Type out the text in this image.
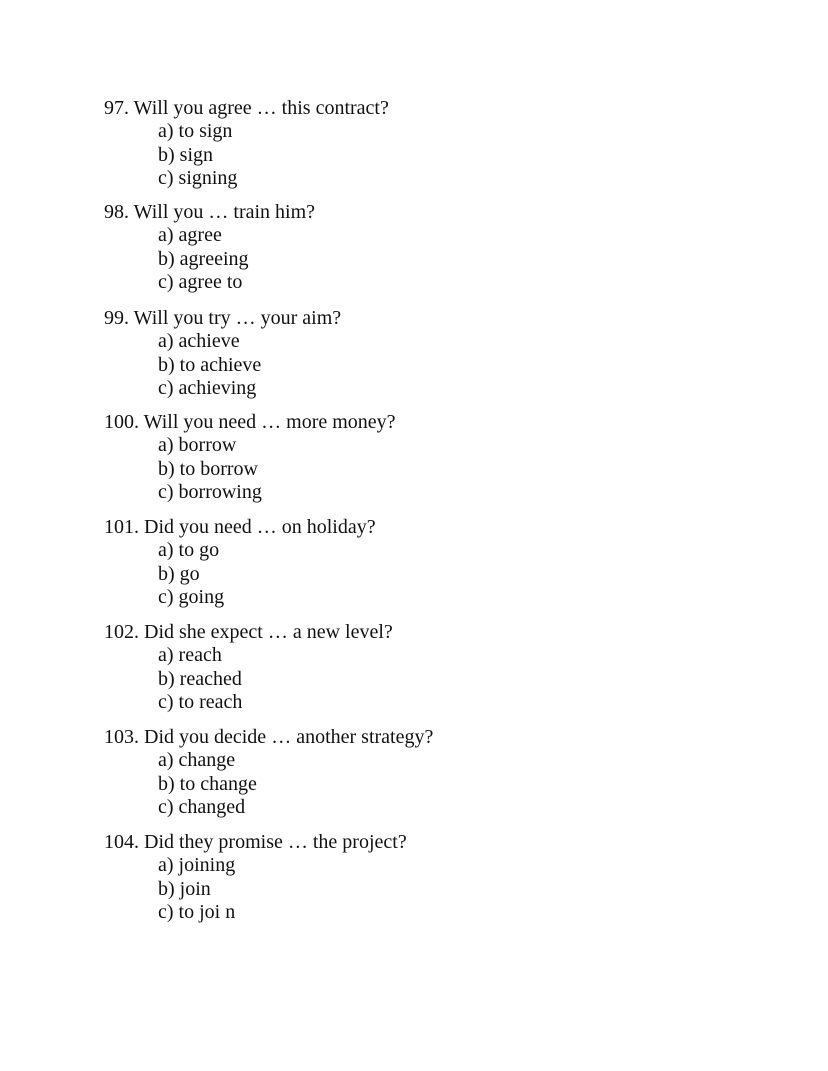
97. Will you agree … this contract?
a) to sign
b) sign
c) signing
98. Will you … train him?
a) agree
b) agreeing
c) agree to
99. Will you try … your aim?
a) achieve
b) to achieve
c) achieving
100. Will you need … more money?
a) borrow
b) to borrow
c) borrowing
101. Did you need … on holiday?
a) to go
b) go
c) going
102. Did she expect … a new level?
a) reach
b) reached
c) to reach
103. Did you decide … another strategy?
a) change
b) to change
c) changed
104. Did they promise … the project?
a) joining
b) join
c) to joi n
